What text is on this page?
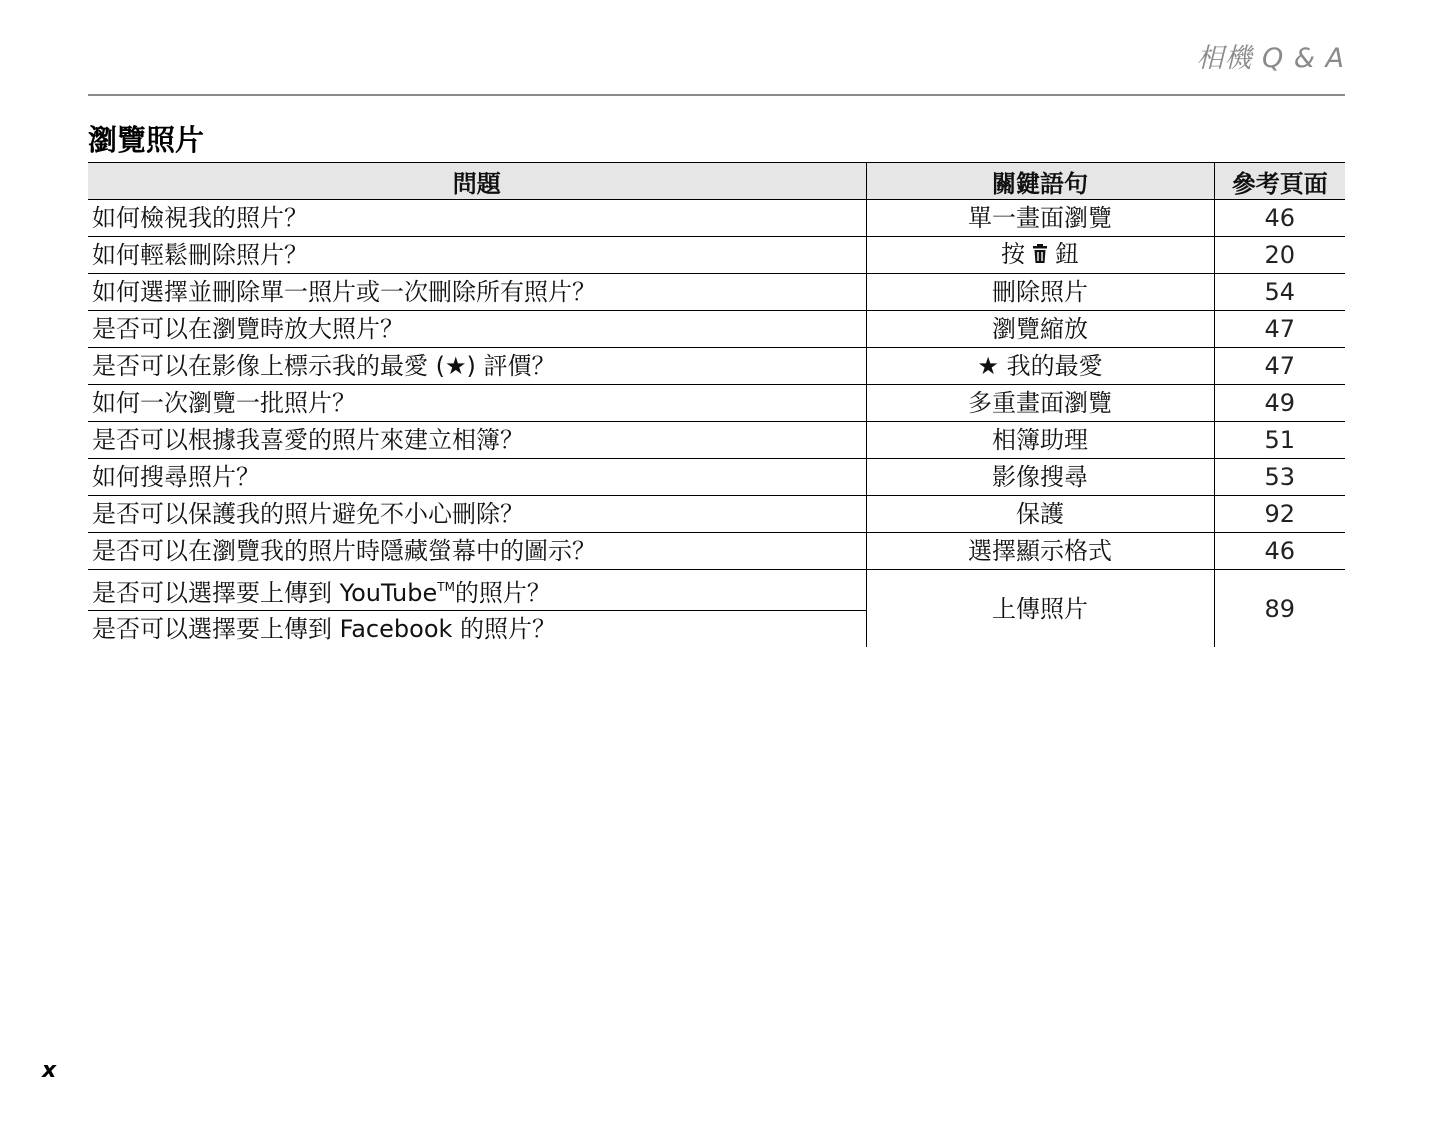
相機 Q & A
瀏覽照片
問題	關鍵語句	參考頁面
如何檢視我的照片？	單一畫面瀏覽	46
如何輕鬆刪除照片？	按 鈕	20
如何選擇並刪除單一照片或一次刪除所有照片？	刪除照片	54
是否可以在瀏覽時放大照片？	瀏覽縮放	47
是否可以在影像上標示我的最愛 (★) 評價？	★ 我的最愛	47
如何一次瀏覽一批照片？	多重畫面瀏覽	49
是否可以根據我喜愛的照片來建立相簿？	相簿助理	51
如何搜尋照片？	影像搜尋	53
是否可以保護我的照片避免不小心刪除？	保護	92
是否可以在瀏覽我的照片時隱藏螢幕中的圖示？	選擇顯示格式	46
是否可以選擇要上傳到 YouTube™的照片？	上傳照片	89
是否可以選擇要上傳到 Facebook 的照片？		
x
